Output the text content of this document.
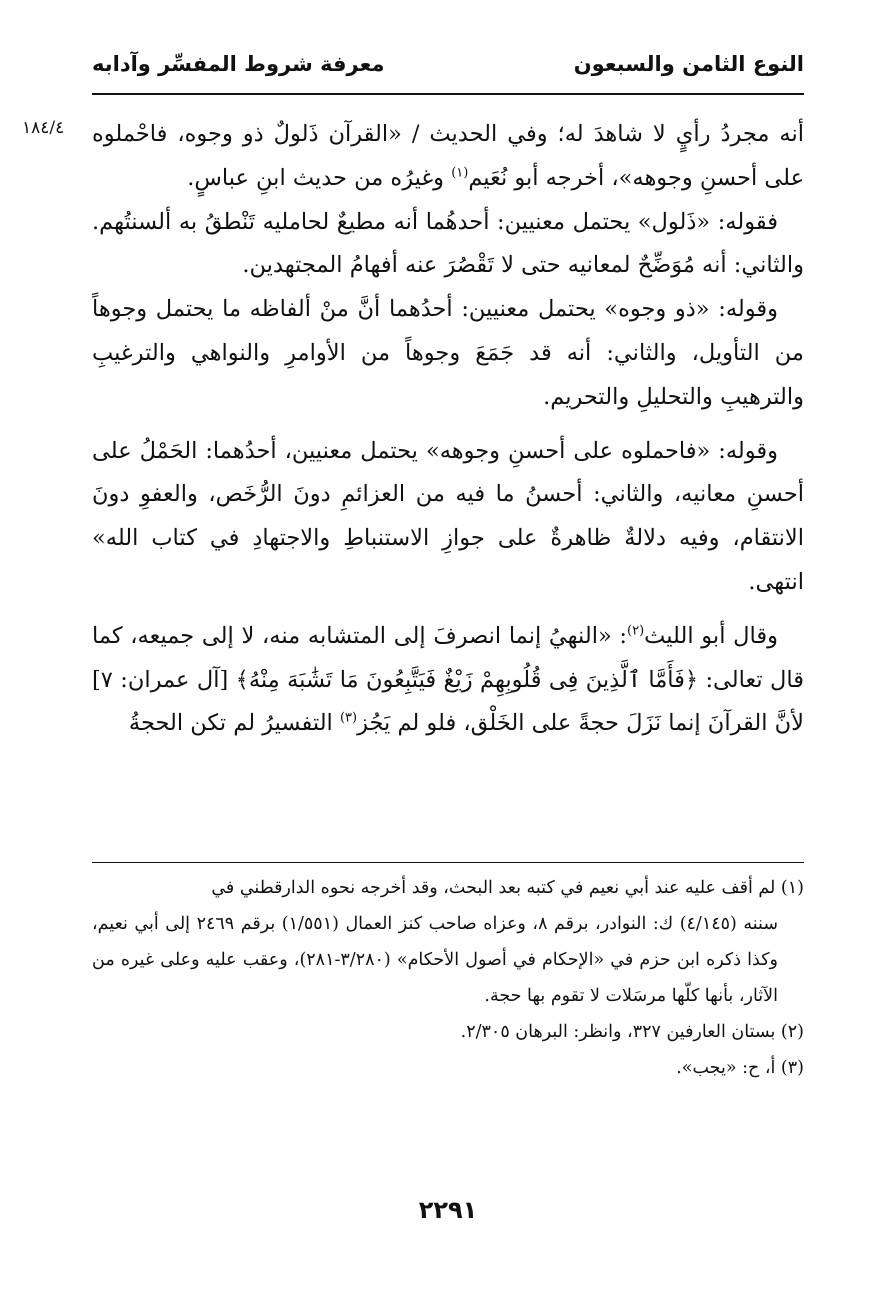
النوع الثامن والسبعون
معرفة شروط المفسِّر وآدابه
١٨٤/٤	أنه مجردُ رأيٍ لا شاهدَ له؛ وفي الحديث / «القرآن ذَلولٌ ذو وجوه، فاحْملوه على أحسنِ وجوهه»، أخرجه أبو نُعَيم$^{(١)}$ وغيرُه من حديث ابنِ عباسٍ.

فقوله: «ذَلول» يحتمل معنيين: أحدهُما أنه مطيعٌ لحامليه تَنْطقُ به ألسنتُهم. والثاني: أنه مُوَضِّحٌ لمعانيه حتى لا تَقْصُرَ عنه أفهامُ المجتهدين.

وقوله: «ذو وجوه» يحتمل معنيين: أحدُهما أنَّ منْ ألفاظه ما يحتمل وجوهاً من التأويل، والثاني: أنه قد جَمَعَ وجوهاً من الأوامرِ والنواهي والترغيبِ والترهيبِ والتحليلِ والتحريم.

وقوله: «فاحملوه على أحسنِ وجوهه» يحتمل معنيين، أحدُهما: الحَمْلُ على أحسنِ معانيه، والثاني: أحسنُ ما فيه من العزائمِ دونَ الرُّخَص، والعفوِ دونَ الانتقام، وفيه دلالةٌ ظاهرةٌ على جوازِ الاستنباطِ والاجتهادِ في كتاب الله» انتهى.

وقال أبو الليث$^{(٢)}$: «النهيُ إنما انصرفَ إلى المتشابه منه، لا إلى جميعه، كما قال تعالى: ﴿فَأَمَّا ٱلَّذِينَ فِى قُلُوبِهِمْ زَيْغٌ فَيَتَّبِعُونَ مَا تَشَٰبَهَ مِنْهُ﴾ [آل عمران: ٧] لأنَّ القرآنَ إنما نَزَلَ حجةً على الخَلْق، فلو لم يَجُز$^{(٣)}$ التفسيرُ لم تكن الحجةُ

(١) لم أقف عليه عند أبي نعيم في كتبه بعد البحث، وقد أخرجه نحوه الدارقطني في

سننه (٤/١٤٥) ك: النوادر، برقم ٨، وعزاه صاحب كنز العمال (١/٥٥١) برقم ٢٤٦٩ إلى أبي نعيم، وكذا ذكره ابن حزم في «الإحكام في أصول الأحكام» (٣/٢٨٠-٢٨١)، وعقب عليه وعلى غيره من الآثار، بأنها كلّها مرسَلات لا تقوم بها حجة.

(٢) بستان العارفين ٣٢٧، وانظر: البرهان ٢/٣٠٥.

(٣) أ، ح: «يجب».

٢٢٩١
